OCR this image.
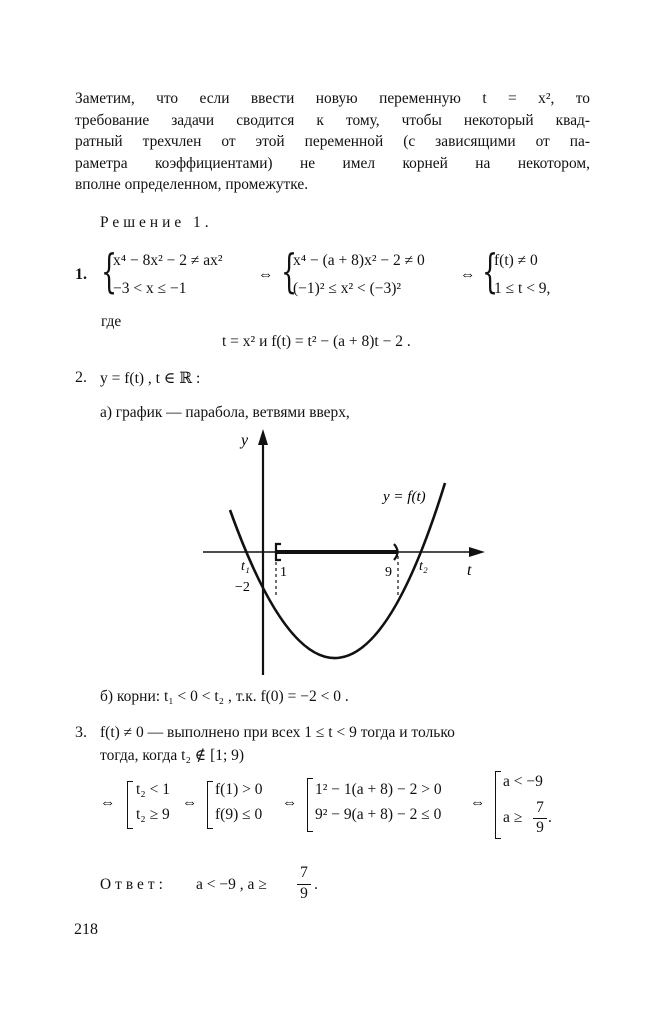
Заметим, что если ввести новую переменную t = x², то
требование задачи сводится к тому, чтобы некоторый квад-
ратный трехчлен от этой переменной (с зависящими от па-
раметра коэффициентами) не имел корней на некотором,
вполне определенном, промежутке.
Решение 1.
1. {
x⁴ − 8x² − 2 ≠ ax²
−3 < x ≤ −1
⇔ {
x⁴ − (a + 8)x² − 2 ≠ 0
(−1)² ≤ x² < (−3)²
⇔ {
f(t) ≠ 0
1 ≤ t < 9,
где
t = x² и f(t) = t² − (a + 8)t − 2 .
2. y = f(t) , t ∈ ℝ :
а) график — парабола, ветвями вверх,
y
t
y = f(t)
t₁ 1	9 t₂
−2
б) корни: t₁ < 0 < t₂ , т.к. f(0) = −2 < 0 .
3. f(t) ≠ 0 — выполнено при всех 1 ≤ t < 9 тогда и только
тогда, когда t₂ ∉ [1; 9)
⇔
t₂ < 1
t₂ ≥ 9
⇔
f(1) > 0
f(9) ≤ 0
⇔
1² − 1(a + 8) − 2 > 0
9² − 9(a + 8) − 2 ≤ 0
⇔
a < −9
a ≥
7
9
.
Ответ: a < −9 , a ≥
7
9
.
218
